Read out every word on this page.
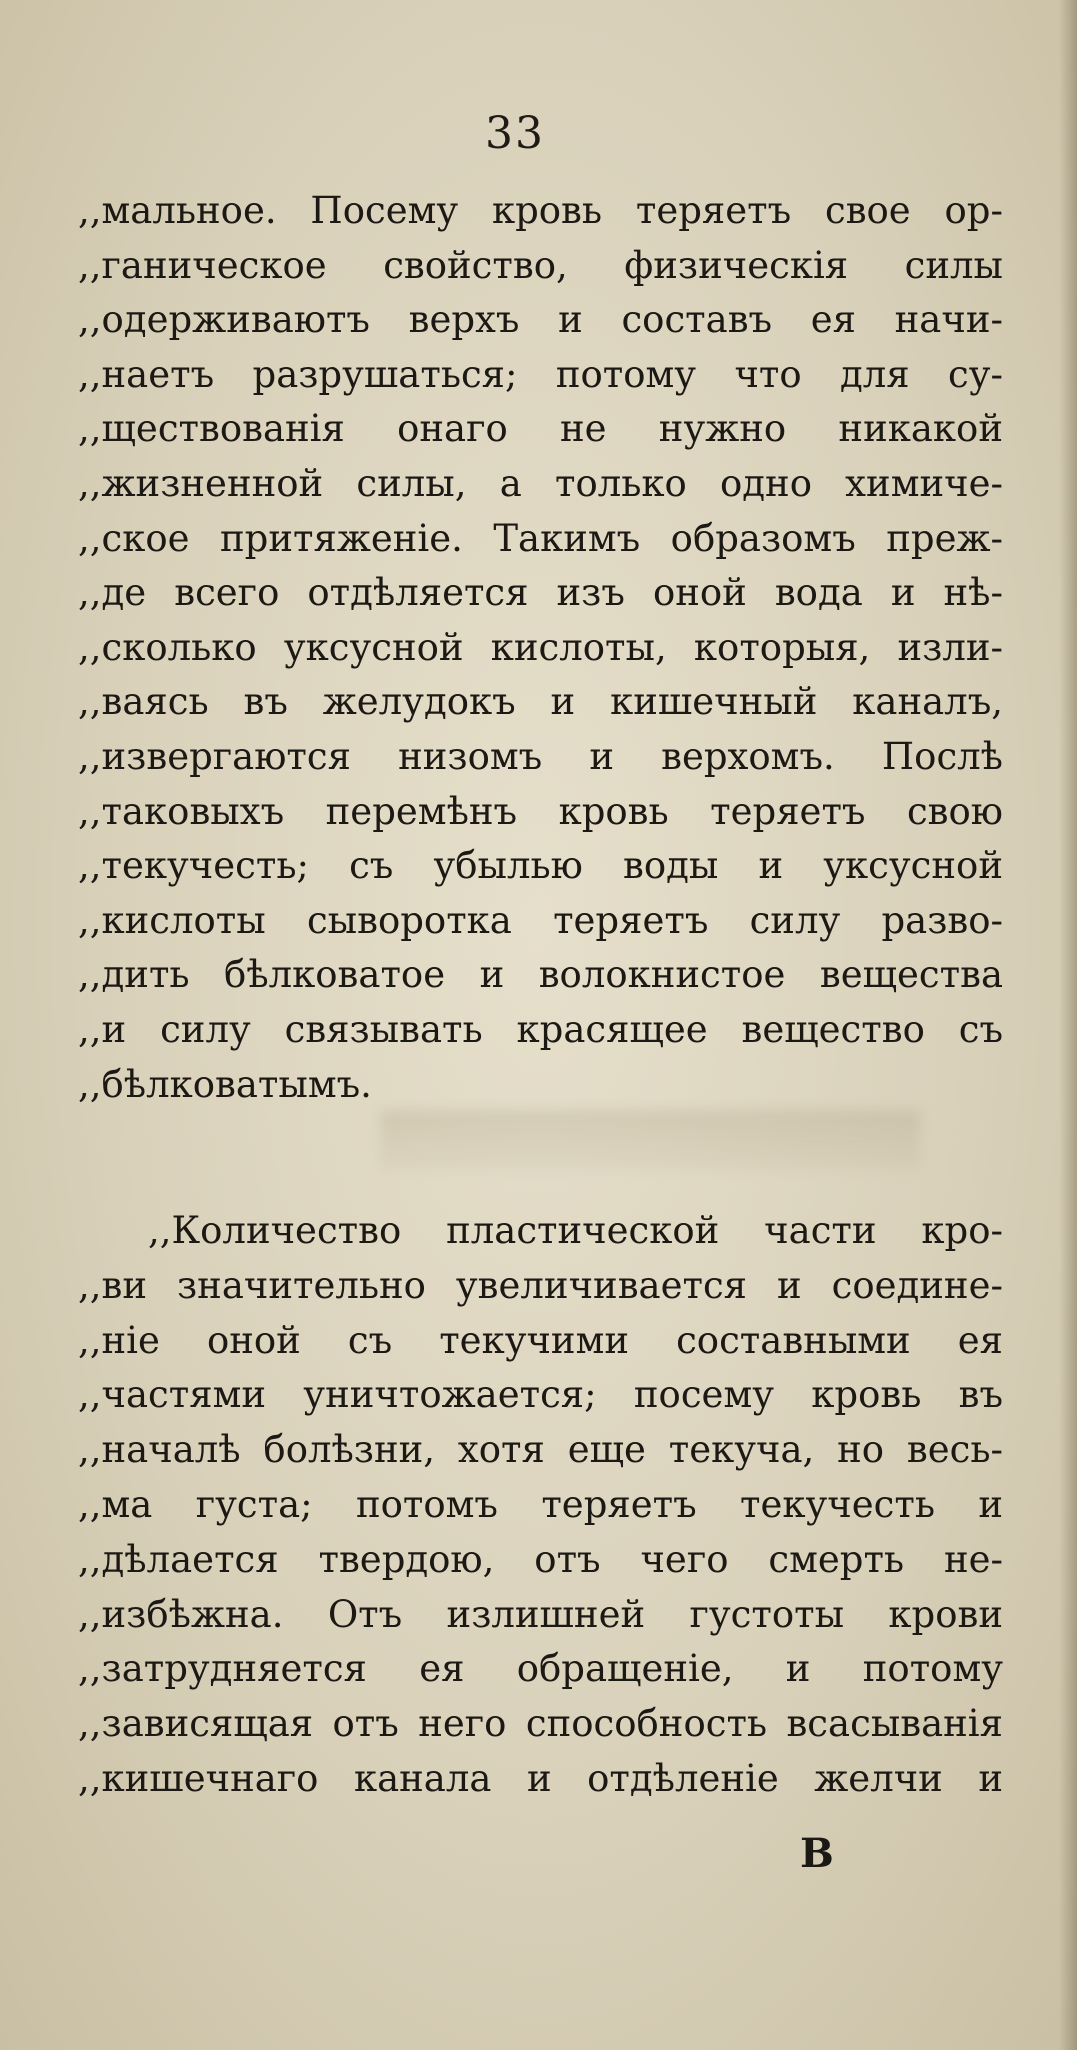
33
,,мальное. Посему кровь теряетъ свое ор-
,,ганическое свойство, физическія силы
,,одерживаютъ верхъ и составъ ея начи-
,,наетъ разрушаться; потому что для су-
,,ществованія онаго не нужно никакой
,,жизненной силы, а только одно химиче-
,,ское притяженіе. Такимъ образомъ преж-
,,де всего отдѣляется изъ оной вода и нѣ-
,,сколько уксусной кислоты, которыя, изли-
,,ваясь въ желудокъ и кишечный каналъ,
,,извергаются низомъ и верхомъ. Послѣ
,,таковыхъ перемѣнъ кровь теряетъ свою
,,текучесть; съ убылью воды и уксусной
,,кислоты сыворотка теряетъ силу разво-
,,дить бѣлковатое и волокнистое вещества
,,и силу связывать красящее вещество съ
,,бѣлковатымъ.
,,Количество пластической части кро-
,,ви значительно увеличивается и соедине-
,,ніе оной съ текучими составными ея
,,частями уничтожается; посему кровь въ
,,началѣ болѣзни, хотя еще текуча, но весь-
,,ма густа; потомъ теряетъ текучесть и
,,дѣлается твердою, отъ чего смерть не-
,,избѣжна. Отъ излишней густоты крови
,,затрудняется ея обращеніе, и потому
,,зависящая отъ него способность всасыванія
,,кишечнаго канала и отдѣленіе желчи и
В
